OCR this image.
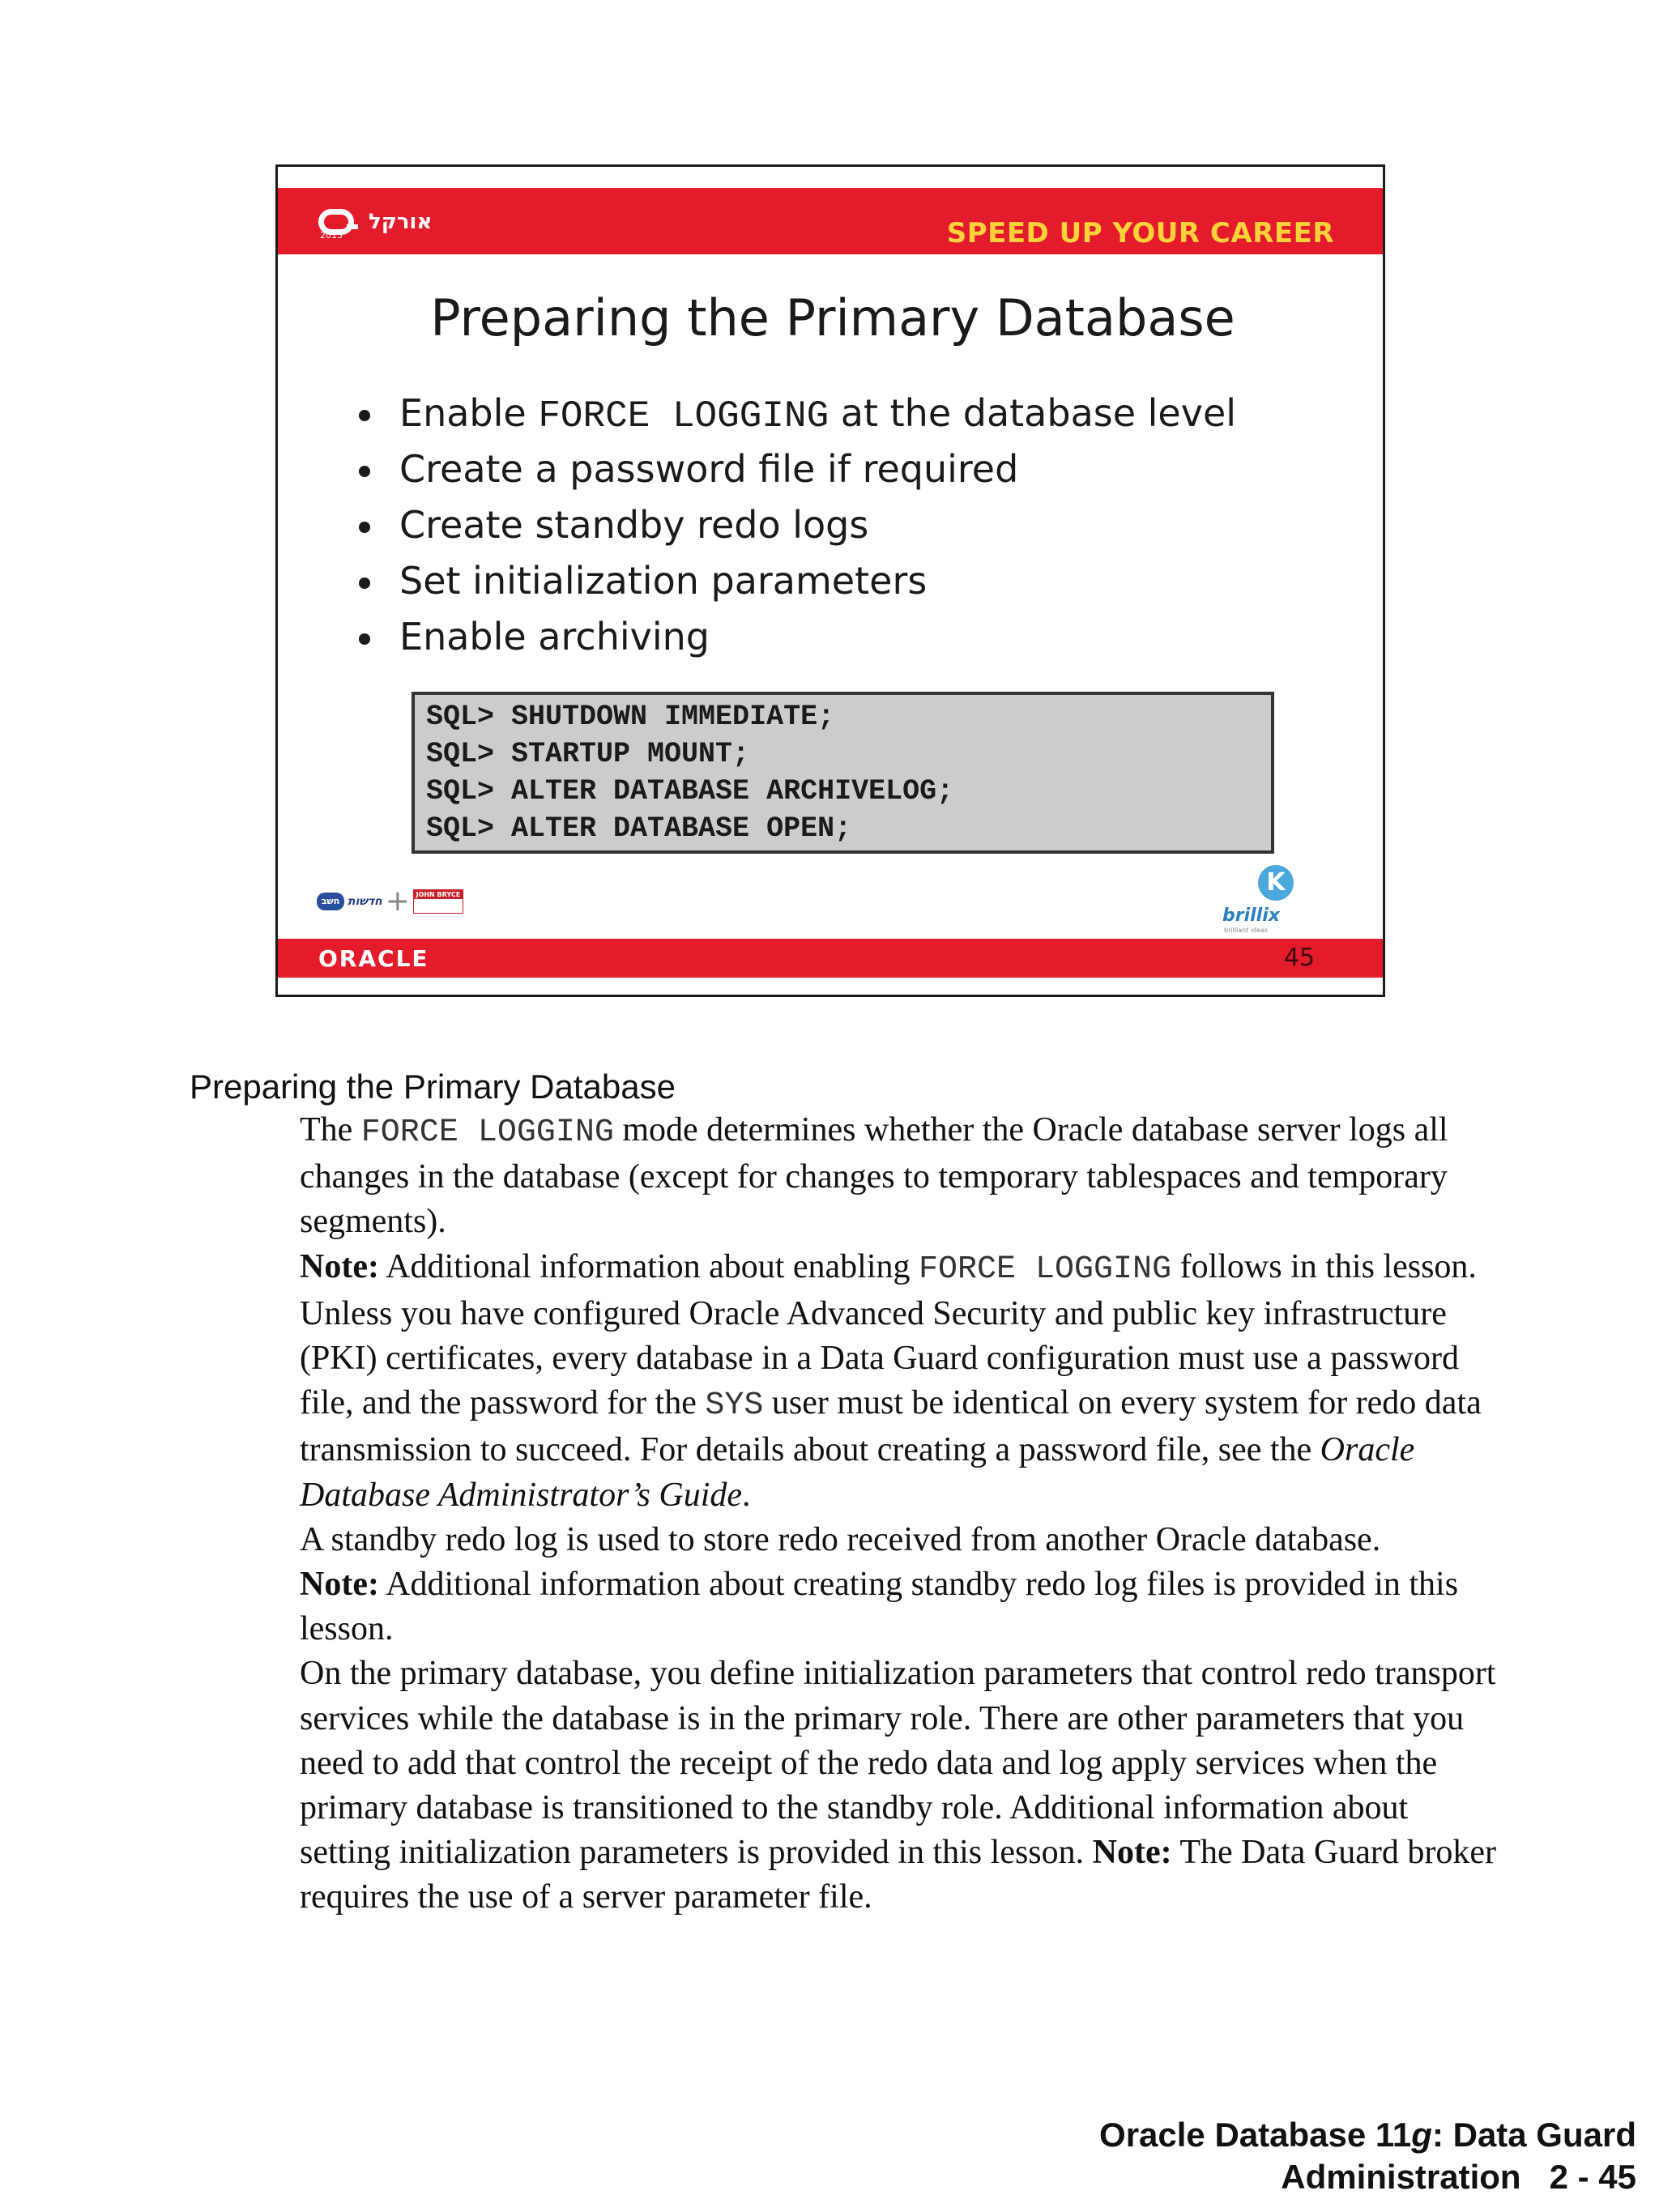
אורקל
2013	SPEED UP YOUR CAREER
Preparing the Primary Database
Enable FORCE LOGGING at the database level
Create a password file if required
Create standby redo logs
Set initialization parameters
Enable archiving
SQL> SHUTDOWN IMMEDIATE;
SQL> STARTUP MOUNT;
SQL> ALTER DATABASE ARCHIVELOG;
SQL> ALTER DATABASE OPEN;
חשב חדשות + JOHN BRYCE	K
brillix
brilliant ideas
ORACLE	45
Preparing the Primary Database

The FORCE LOGGING mode determines whether the Oracle database server logs all changes in the database (except for changes to temporary tablespaces and temporary segments).

Note: Additional information about enabling FORCE LOGGING follows in this lesson.

Unless you have configured Oracle Advanced Security and public key infrastructure (PKI) certificates, every database in a Data Guard configuration must use a password file, and the password for the SYS user must be identical on every system for redo data transmission to succeed. For details about creating a password file, see the Oracle Database Administrator’s Guide.

A standby redo log is used to store redo received from another Oracle database.

Note: Additional information about creating standby redo log files is provided in this lesson.

On the primary database, you define initialization parameters that control redo transport services while the database is in the primary role. There are other parameters that you need to add that control the receipt of the redo data and log apply services when the primary database is transitioned to the standby role. Additional information about setting initialization parameters is provided in this lesson. Note: The Data Guard broker requires the use of a server parameter file.

Oracle Database 11g: Data Guard
Administration   2 - 45
